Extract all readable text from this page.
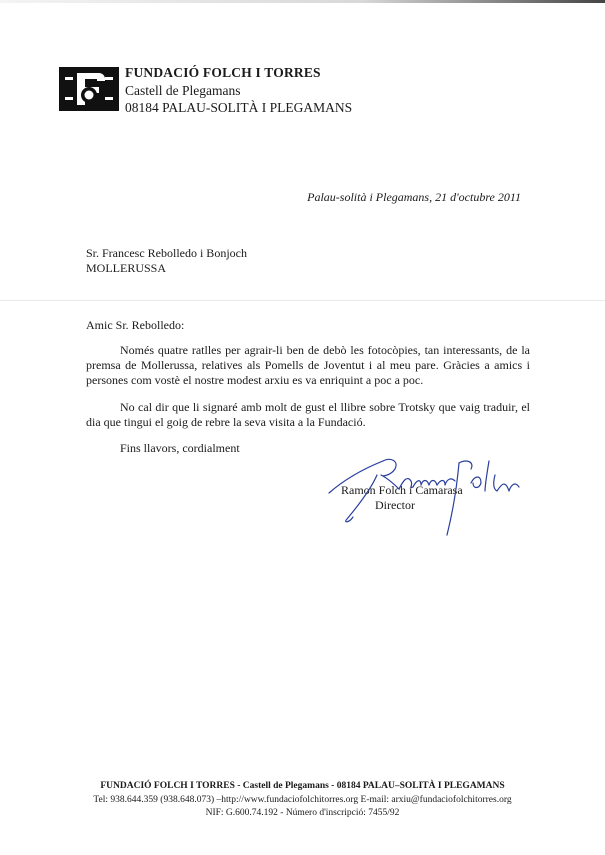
FUNDACIÓ FOLCH I TORRES
Castell de Plegamans
08184 PALAU-SOLITÀ I PLEGAMANS
Palau-solità i Plegamans, 21 d'octubre 2011
Sr. Francesc Rebolledo i Bonjoch
MOLLERUSSA
Amic Sr. Rebolledo:

Només quatre ratlles per agrair-li ben de debò les fotocòpies, tan interessants, de la premsa de Mollerussa, relatives als Pomells de Joventut i al meu pare. Gràcies a amics i persones com vostè el nostre modest arxiu es va enriquint a poc a poc.

No cal dir que li signaré amb molt de gust el llibre sobre Trotsky que vaig traduir, el dia que tingui el goig de rebre la seva visita a la Fundació.

Fins llavors, cordialment
Ramon Folch i Camarasa
Director
FUNDACIÓ FOLCH I TORRES - Castell de Plegamans - 08184 PALAU–SOLITÀ I PLEGAMANS
Tel: 938.644.359 (938.648.073) –http://www.fundaciofolchitorres.org E-mail: arxiu@fundaciofolchitorres.org
NIF: G.600.74.192 - Número d'inscripció: 7455/92
